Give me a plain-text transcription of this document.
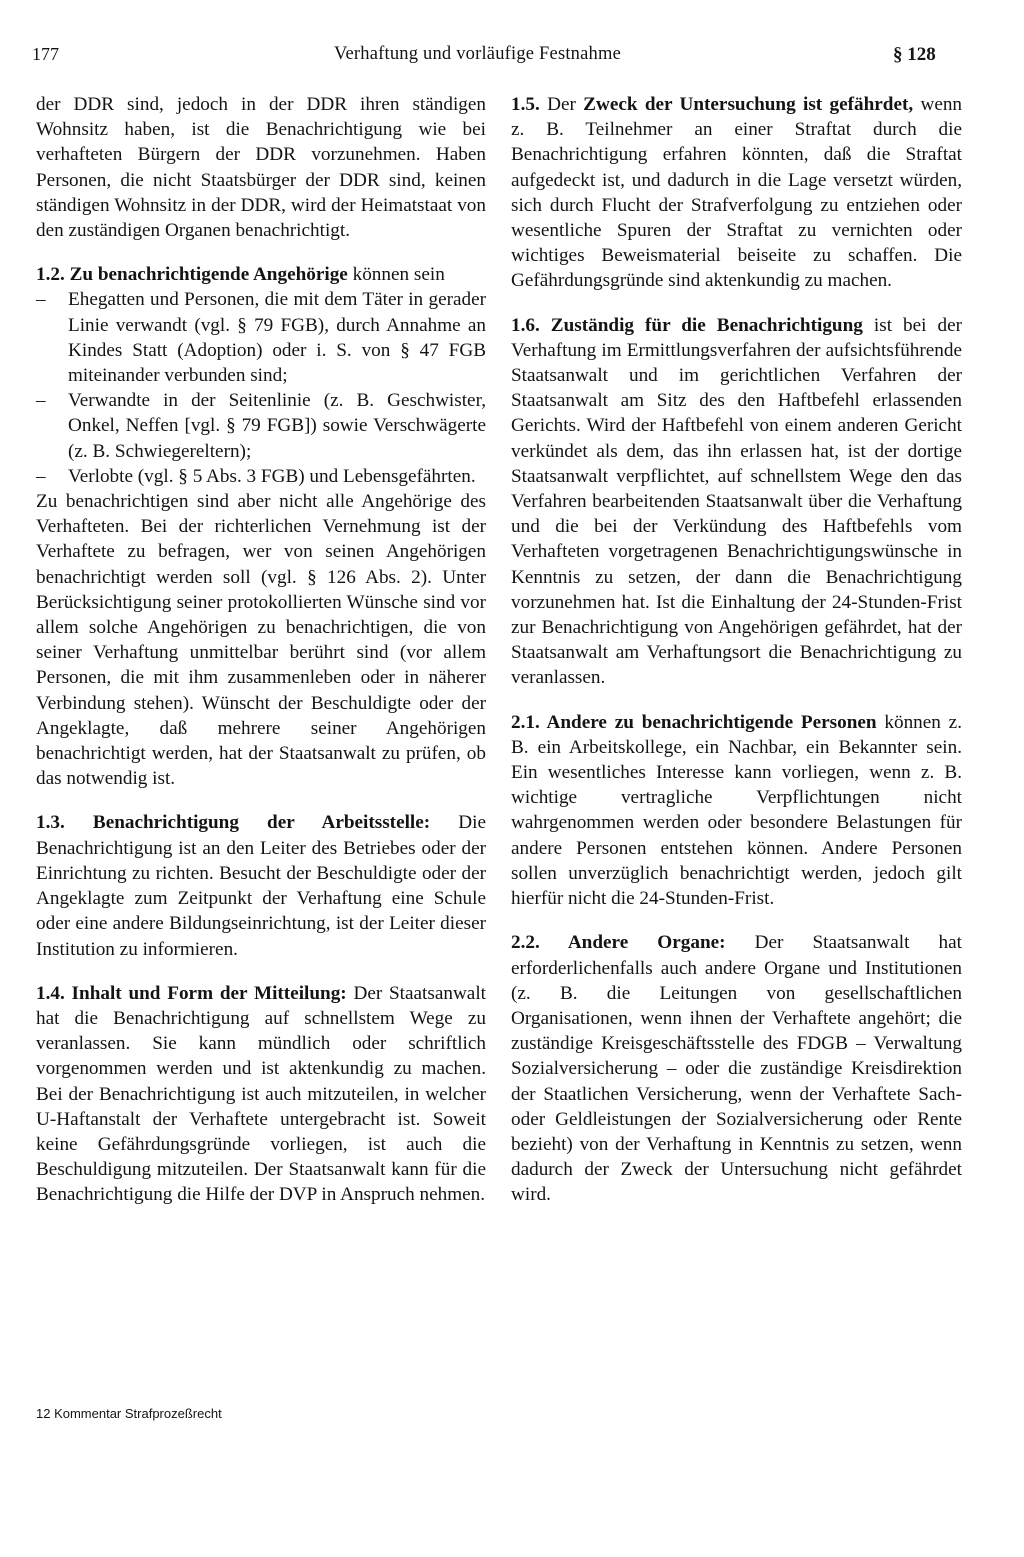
177	Verhaftung und vorläufige Festnahme	§ 128

der DDR sind, jedoch in der DDR ihren ständigen Wohnsitz haben, ist die Benachrichtigung wie bei verhafteten Bürgern der DDR vorzunehmen. Haben Personen, die nicht Staatsbürger der DDR sind, keinen ständigen Wohnsitz in der DDR, wird der Heimatstaat von den zuständigen Organen benachrichtigt.

1.2. Zu benachrichtigende Angehörige können sein

– Ehegatten und Personen, die mit dem Täter in gerader Linie verwandt (vgl. § 79 FGB), durch Annahme an Kindes Statt (Adoption) oder i. S. von § 47 FGB miteinander verbunden sind;
– Verwandte in der Seitenlinie (z. B. Geschwister, Onkel, Neffen [vgl. § 79 FGB]) sowie Verschwägerte (z. B. Schwiegereltern);
– Verlobte (vgl. § 5 Abs. 3 FGB) und Lebensgefährten.

Zu benachrichtigen sind aber nicht alle Angehörige des Verhafteten. Bei der richterlichen Vernehmung ist der Verhaftete zu befragen, wer von seinen Angehörigen benachrichtigt werden soll (vgl. § 126 Abs. 2). Unter Berücksichtigung seiner protokollierten Wünsche sind vor allem solche Angehörigen zu benachrichtigen, die von seiner Verhaftung unmittelbar berührt sind (vor allem Personen, die mit ihm zusammenleben oder in näherer Verbindung stehen). Wünscht der Beschuldigte oder der Angeklagte, daß mehrere seiner Angehörigen benachrichtigt werden, hat der Staatsanwalt zu prüfen, ob das notwendig ist.

1.3. Benachrichtigung der Arbeitsstelle: Die Benachrichtigung ist an den Leiter des Betriebes oder der Einrichtung zu richten. Besucht der Beschuldigte oder der Angeklagte zum Zeitpunkt der Verhaftung eine Schule oder eine andere Bildungseinrichtung, ist der Leiter dieser Institution zu informieren.

1.4. Inhalt und Form der Mitteilung: Der Staatsanwalt hat die Benachrichtigung auf schnellstem Wege zu veranlassen. Sie kann mündlich oder schriftlich vorgenommen werden und ist aktenkundig zu machen. Bei der Benachrichtigung ist auch mitzuteilen, in welcher U-Haftanstalt der Verhaftete untergebracht ist. Soweit keine Gefährdungsgründe vorliegen, ist auch die Beschuldigung mitzuteilen. Der Staatsanwalt kann für die Benachrichtigung die Hilfe der DVP in Anspruch nehmen.

1.5. Der Zweck der Untersuchung ist gefährdet, wenn z. B. Teilnehmer an einer Straftat durch die Benachrichtigung erfahren könnten, daß die Straftat aufgedeckt ist, und dadurch in die Lage versetzt würden, sich durch Flucht der Strafverfolgung zu entziehen oder wesentliche Spuren der Straftat zu vernichten oder wichtiges Beweismaterial beiseite zu schaffen. Die Gefährdungsgründe sind aktenkundig zu machen.

1.6. Zuständig für die Benachrichtigung ist bei der Verhaftung im Ermittlungsverfahren der aufsichtsführende Staatsanwalt und im gerichtlichen Verfahren der Staatsanwalt am Sitz des den Haftbefehl erlassenden Gerichts. Wird der Haftbefehl von einem anderen Gericht verkündet als dem, das ihn erlassen hat, ist der dortige Staatsanwalt verpflichtet, auf schnellstem Wege den das Verfahren bearbeitenden Staatsanwalt über die Verhaftung und die bei der Verkündung des Haftbefehls vom Verhafteten vorgetragenen Benachrichtigungswünsche in Kenntnis zu setzen, der dann die Benachrichtigung vorzunehmen hat. Ist die Einhaltung der 24-Stunden-Frist zur Benachrichtigung von Angehörigen gefährdet, hat der Staatsanwalt am Verhaftungsort die Benachrichtigung zu veranlassen.

2.1. Andere zu benachrichtigende Personen können z. B. ein Arbeitskollege, ein Nachbar, ein Bekannter sein. Ein wesentliches Interesse kann vorliegen, wenn z. B. wichtige vertragliche Verpflichtungen nicht wahrgenommen werden oder besondere Belastungen für andere Personen entstehen können. Andere Personen sollen unverzüglich benachrichtigt werden, jedoch gilt hierfür nicht die 24-Stunden-Frist.

2.2. Andere Organe: Der Staatsanwalt hat erforderlichenfalls auch andere Organe und Institutionen (z. B. die Leitungen von gesellschaftlichen Organisationen, wenn ihnen der Verhaftete angehört; die zuständige Kreisgeschäftsstelle des FDGB – Verwaltung Sozialversicherung – oder die zuständige Kreisdirektion der Staatlichen Versicherung, wenn der Verhaftete Sach- oder Geldleistungen der Sozialversicherung oder Rente bezieht) von der Verhaftung in Kenntnis zu setzen, wenn dadurch der Zweck der Untersuchung nicht gefährdet wird.

12 Kommentar Strafprozeßrecht
